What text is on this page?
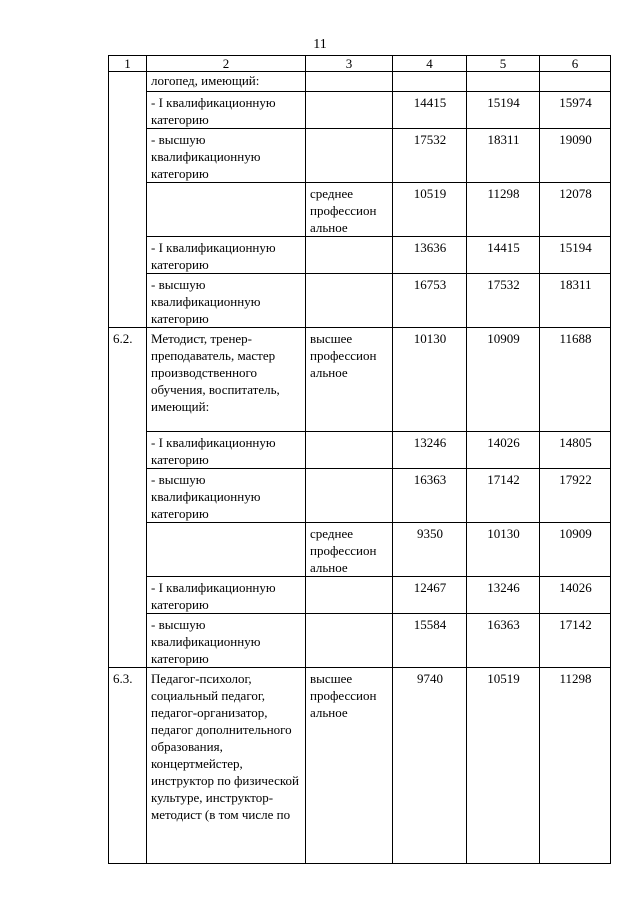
11
1	2	3	4	5	6
	логопед, имеющий:				
	- I квалификационную категорию		14415	15194	15974
	- высшую квалификационную категорию		17532	18311	19090
		среднее профессион альное	10519	11298	12078
	- I квалификационную категорию		13636	14415	15194
	- высшую квалификационную категорию		16753	17532	18311
6.2.	Методист, тренер-преподаватель, мастер производственного обучения, воспитатель, имеющий:	высшее профессион альное	10130	10909	11688
	- I квалификационную категорию		13246	14026	14805
	- высшую квалификационную категорию		16363	17142	17922
		среднее профессион альное	9350	10130	10909
	- I квалификационную категорию		12467	13246	14026
	- высшую квалификационную категорию		15584	16363	17142
6.3.	Педагог-психолог, социальный педагог, педагог-организатор, педагог дополнительного образования, концертмейстер, инструктор по физической культуре, инструктор-методист (в том числе по	высшее профессион альное	9740	10519	11298
